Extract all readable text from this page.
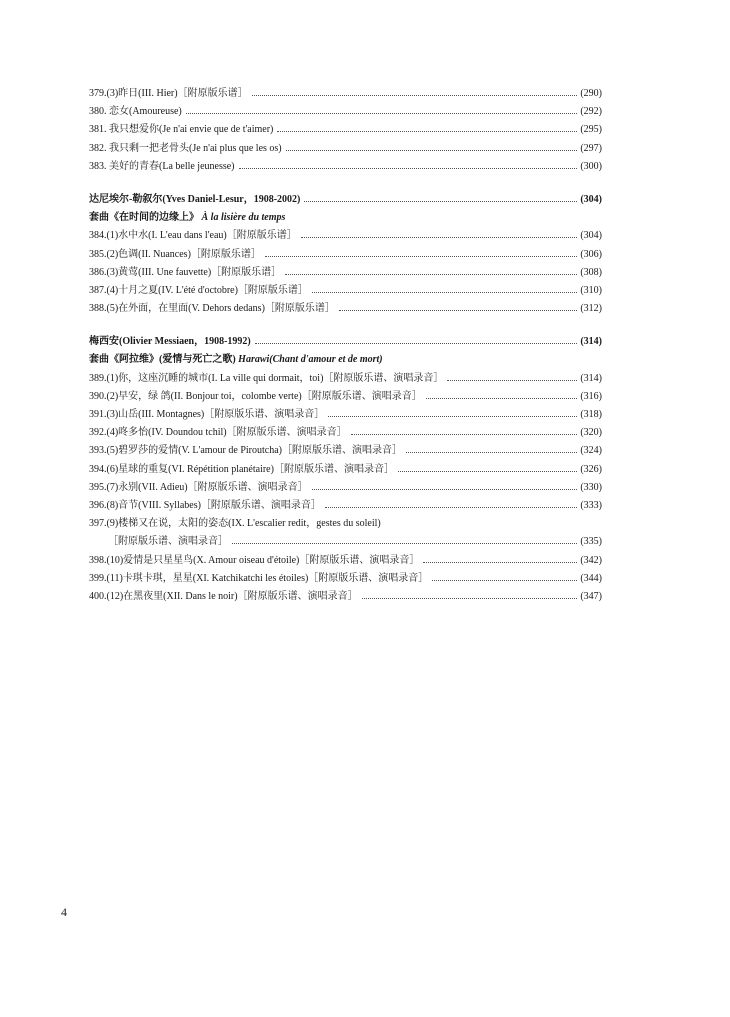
379.(3)昨日(III. Hier)［附原版乐谱］	(290)
380. 恋女(Amoureuse)	(292)
381. 我只想爱你(Je n'ai envie que de t'aimer)	(295)
382. 我只剩一把老骨头(Je n'ai plus que les os)	(297)
383. 美好的青春(La belle jeunesse)	(300)
达尼埃尔-勒叙尔(Yves Daniel-Lesur，1908-2002)	(304)
套曲《在时间的边缘上》 À la lisière du temps
384.(1)水中水(I. L'eau dans l'eau)［附原版乐谱］	(304)
385.(2)色调(II. Nuances)［附原版乐谱］	(306)
386.(3)黄莺(III. Une fauvette)［附原版乐谱］	(308)
387.(4)十月之夏(IV. L'été d'octobre)［附原版乐谱］	(310)
388.(5)在外面，在里面(V. Dehors dedans)［附原版乐谱］	(312)
梅西安(Olivier Messiaen，1908-1992)	(314)
套曲《阿拉维》(爱情与死亡之歌) Harawi(Chant d'amour et de mort)
389.(1)你，这座沉睡的城市(I. La ville qui dormait，toi)［附原版乐谱、演唱录音］	(314)
390.(2)早安，绿 鸽(II. Bonjour toi，colombe verte)［附原版乐谱、演唱录音］	(316)
391.(3)山岳(III. Montagnes)［附原版乐谱、演唱录音］	(318)
392.(4)咚多怡(IV. Doundou tchil)［附原版乐谱、演唱录音］	(320)
393.(5)碧罗莎的爱情(V. L'amour de Piroutcha)［附原版乐谱、演唱录音］	(324)
394.(6)星球的重复(VI. Répétition planétaire)［附原版乐谱、演唱录音］	(326)
395.(7)永别(VII. Adieu)［附原版乐谱、演唱录音］	(330)
396.(8)音节(VIII. Syllabes)［附原版乐谱、演唱录音］	(333)
397.(9)楼梯又在说，太阳的姿态(IX. L'escalier redit，gestes du soleil)
［附原版乐谱、演唱录音］	(335)
398.(10)爱情是只星星鸟(X. Amour oiseau d'étoile)［附原版乐谱、演唱录音］	(342)
399.(11)卡琪卡琪，星星(XI. Katchikatchi les étoiles)［附原版乐谱、演唱录音］	(344)
400.(12)在黑夜里(XII. Dans le noir)［附原版乐谱、演唱录音］	(347)
4
